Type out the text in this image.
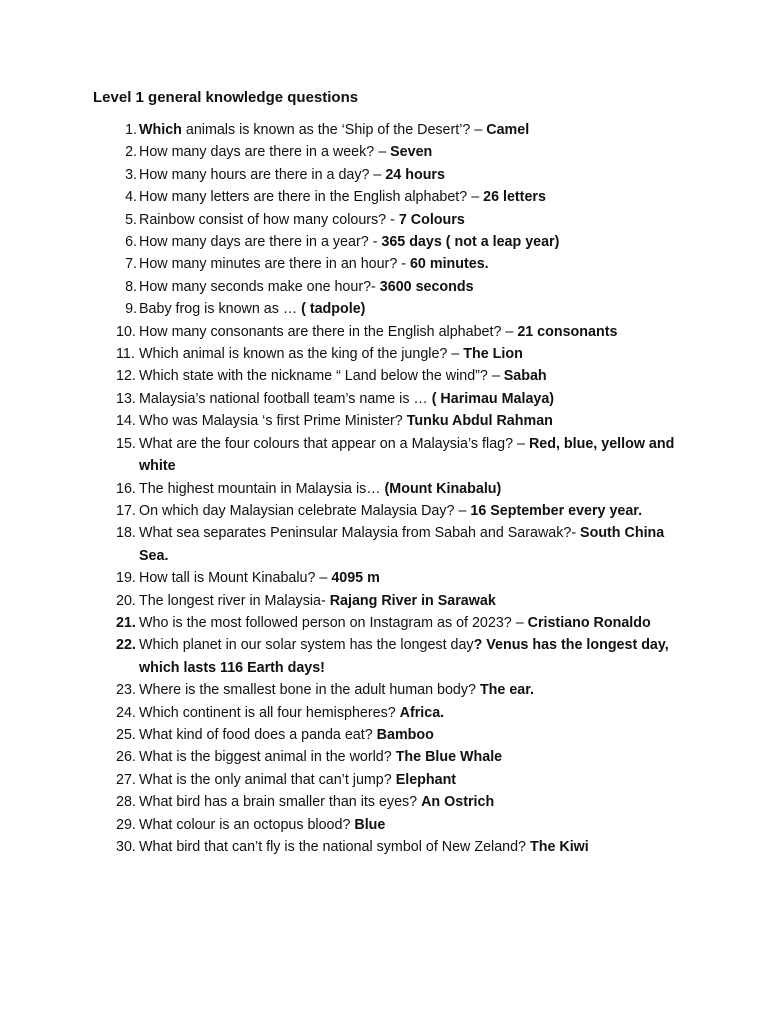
Level 1 general knowledge questions
1. Which animals is known as the ‘Ship of the Desert’? – Camel
2. How many days are there in a week? – Seven
3. How many hours are there in a day? – 24 hours
4. How many letters are there in the English alphabet? – 26 letters
5. Rainbow consist of how many colours? - 7 Colours
6. How many days are there in a year? - 365 days ( not a leap year)
7. How many minutes are there in an hour? - 60 minutes.
8. How many seconds make one hour?- 3600 seconds
9. Baby frog is known as … ( tadpole)
10. How many consonants are there in the English alphabet? – 21 consonants
11. Which animal is known as the king of the jungle? – The Lion
12. Which state with the nickname “ Land below the wind”? – Sabah
13. Malaysia’s national football team’s name is … ( Harimau Malaya)
14. Who was Malaysia ‘s first Prime Minister? Tunku Abdul Rahman
15. What are the four colours that appear on a Malaysia’s flag? – Red, blue, yellow and white
16. The highest mountain in Malaysia is… (Mount Kinabalu)
17. On which day Malaysian celebrate Malaysia Day? – 16 September every year.
18. What sea separates Peninsular Malaysia from Sabah and Sarawak?- South China Sea.
19. How tall is Mount Kinabalu? – 4095 m
20. The longest river in Malaysia- Rajang River in Sarawak
21. Who is the most followed person on Instagram as of 2023? – Cristiano Ronaldo
22. Which planet in our solar system has the longest day? Venus has the longest day, which lasts 116 Earth days!
23. Where is the smallest bone in the adult human body? The ear.
24. Which continent is all four hemispheres? Africa.
25. What kind of food does a panda eat? Bamboo
26. What is the biggest animal in the world? The Blue Whale
27. What is the only animal that can’t jump? Elephant
28. What bird has a brain smaller than its eyes? An Ostrich
29. What colour is an octopus blood? Blue
30. What bird that can’t fly is the national symbol of New Zeland? The Kiwi
